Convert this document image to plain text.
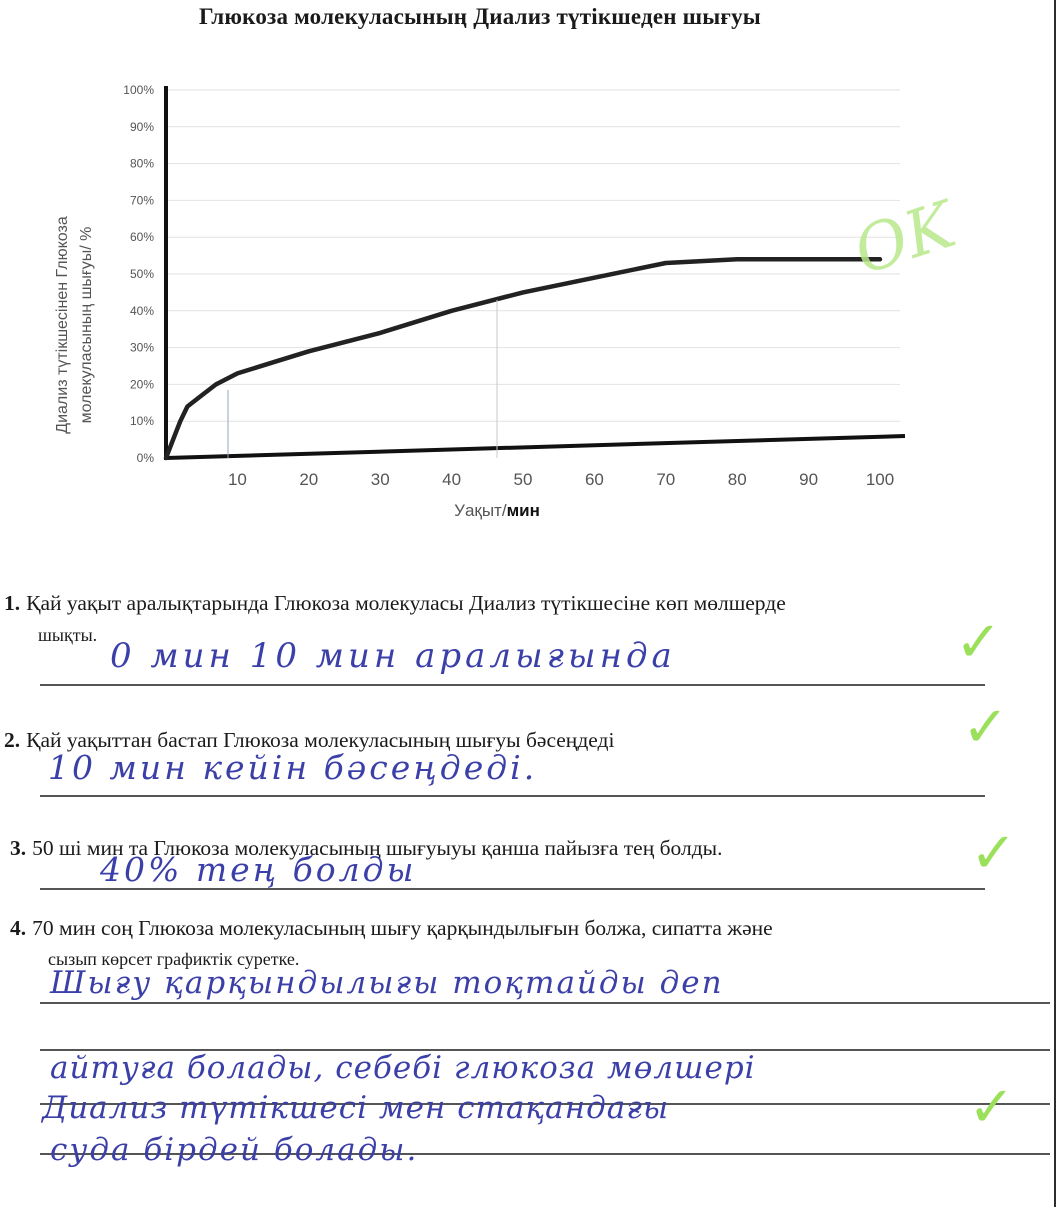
Глюкоза молекуласының Диализ түтікшеден шығуы
0%
10%
20%
30%
40%
50%
60%
70%
80%
90%
100%
10	20	30	40	50	60	70	80	90	100
Диализ түтікшесінен Глюкоза молекуласының шығуы/ %
Уақыт/мин
OK
1. Қай уақыт аралықтарында Глюкоза молекуласы Диализ түтікшесіне көп мөлшерде
шықты.
0 мин 10 мин аралығында	✓
2. Қай уақыттан бастап Глюкоза молекуласының шығуы бәсеңдеді
10 мин кейін бәсеңдеді.
✓
3. 50 ші мин та Глюкоза молекуласының шығуыуы қанша пайызға тең болды.
40% тең болды	✓
4. 70 мин соң Глюкоза молекуласының шығу қарқындылығын болжа, сипатта және
сызып көрсет графиктік суретке.
Шығу қарқындылығы тоқтайды деп
айтуға болады, себебі глюкоза мөлшері
Диализ түтікшесі мен стақандағы
суда бірдей болады.
✓
